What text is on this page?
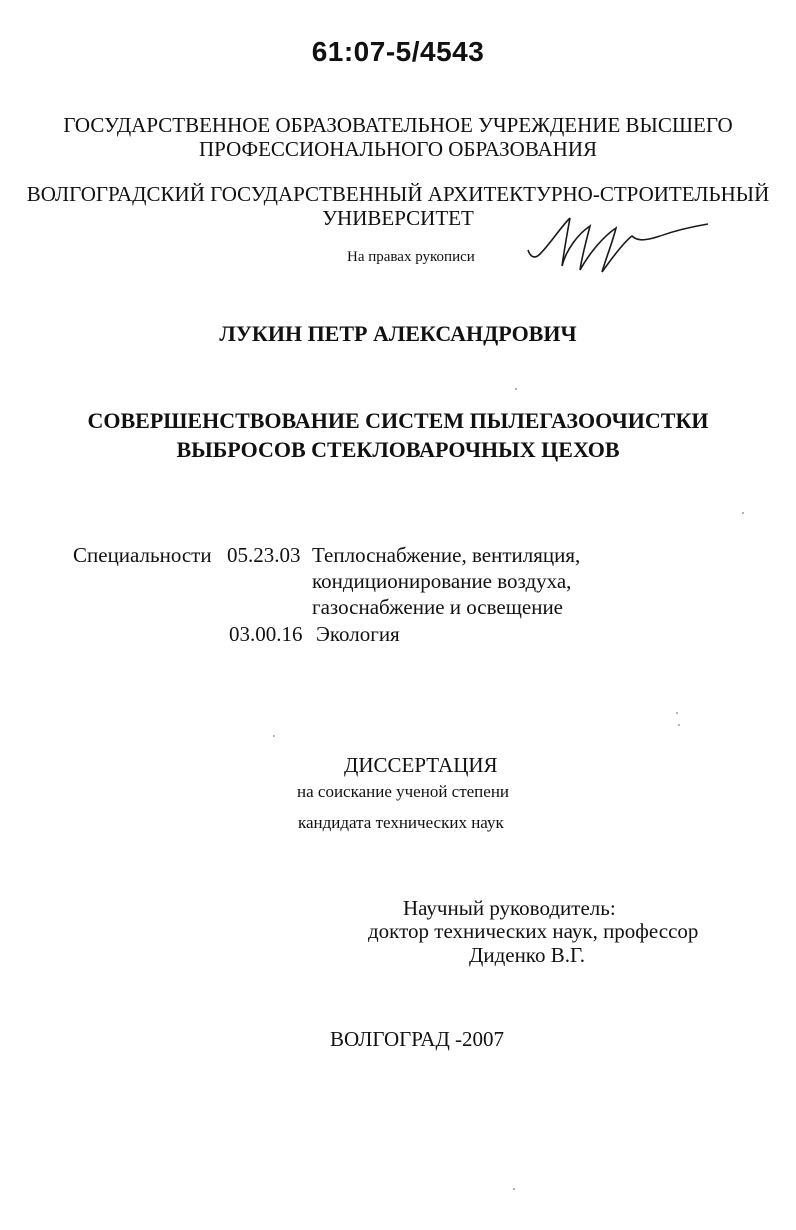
61:07-5/4543
ГОСУДАРСТВЕННОЕ ОБРАЗОВАТЕЛЬНОЕ УЧРЕЖДЕНИЕ ВЫСШЕГО
ПРОФЕССИОНАЛЬНОГО ОБРАЗОВАНИЯ
ВОЛГОГРАДСКИЙ ГОСУДАРСТВЕННЫЙ АРХИТЕКТУРНО-СТРОИТЕЛЬНЫЙ
УНИВЕРСИТЕТ
На правах рукописи
ЛУКИН ПЕТР АЛЕКСАНДРОВИЧ
СОВЕРШЕНСТВОВАНИЕ СИСТЕМ ПЫЛЕГАЗООЧИСТКИ
ВЫБРОСОВ СТЕКЛОВАРОЧНЫХ ЦЕХОВ
Специальности 05.23.03 Теплоснабжение, вентиляция,
кондиционирование воздуха,
газоснабжение и освещение
03.00.16 Экология
ДИССЕРТАЦИЯ
на соискание ученой степени
кандидата технических наук
Научный руководитель:
доктор технических наук, профессор
Диденко В.Г.
ВОЛГОГРАД -2007
